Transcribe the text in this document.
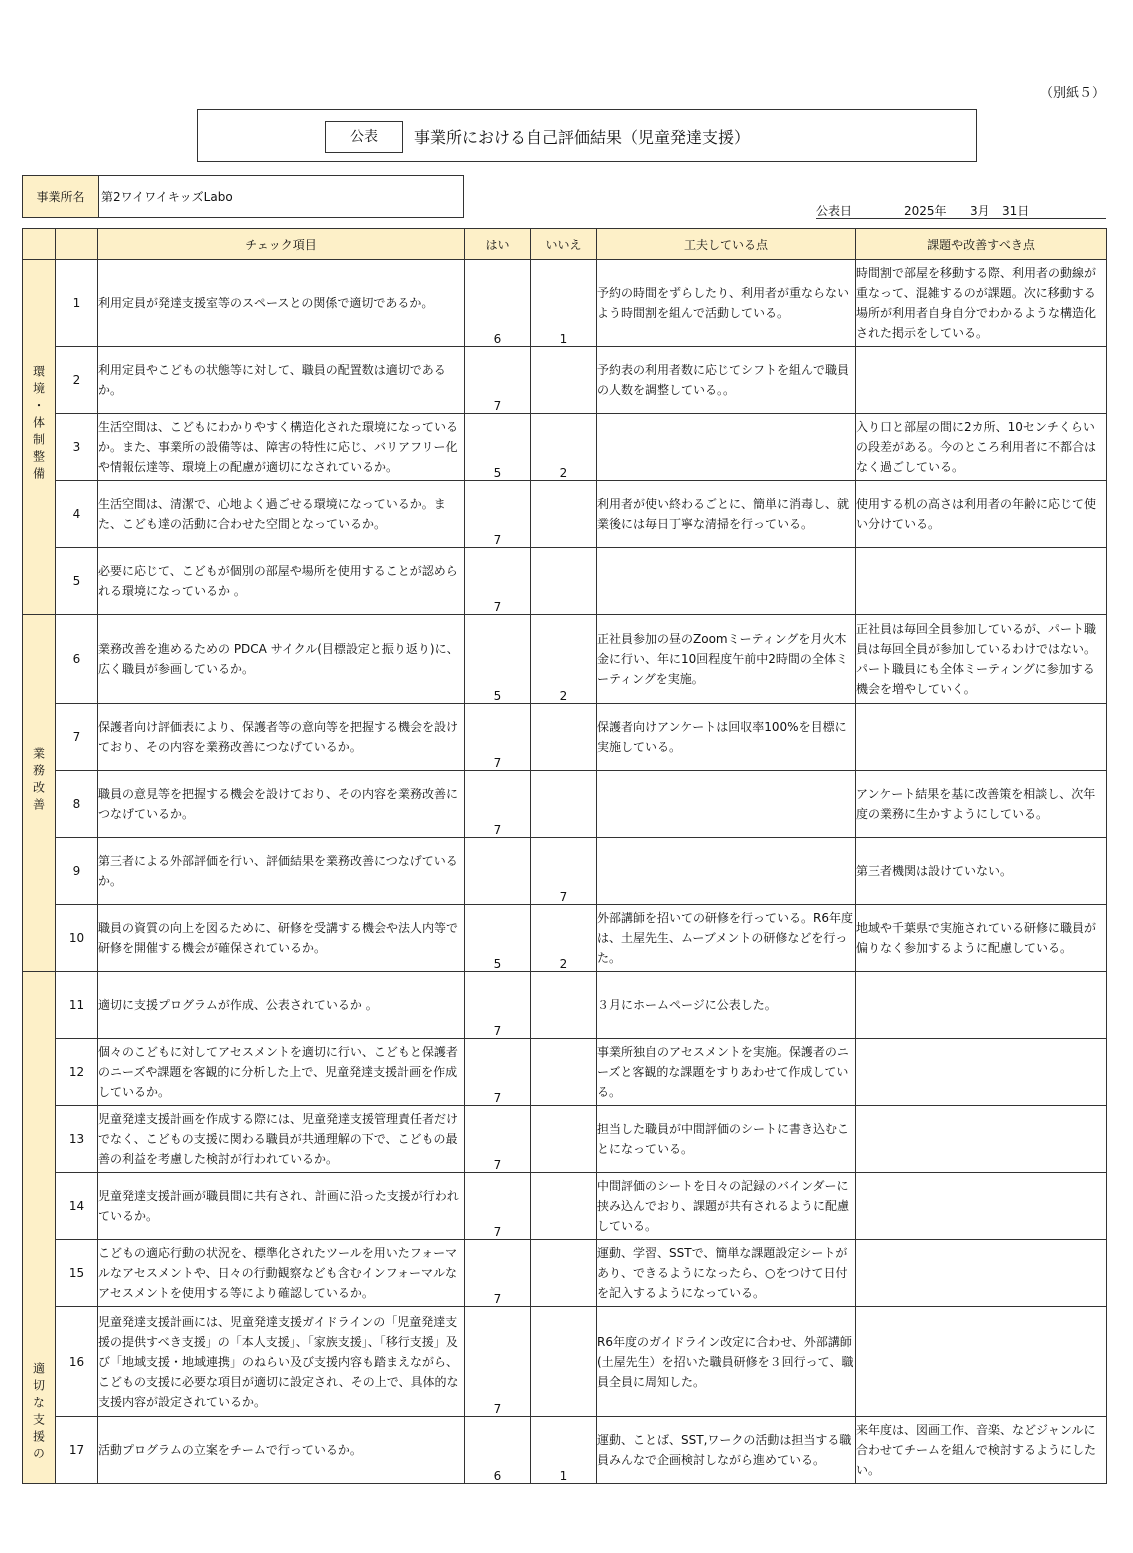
（別紙５）
公表	事業所における自己評価結果（児童発達支援）
事業所名	第2ワイワイキッズLabo
公表日	2025年 3月 31日
		チェック項目	はい	いいえ	工夫している点	課題や改善すべき点

環境・体制整備	1	利用定員が発達支援室等のスペースとの関係で適切であるか。	6	1	予約の時間をずらしたり、利用者が重ならないよう時間割を組んで活動している。	時間割で部屋を移動する際、利用者の動線が重なって、混雑するのが課題。次に移動する場所が利用者自身自分でわかるような構造化された掲示をしている。
	2	利用定員やこどもの状態等に対して、職員の配置数は適切であるか。	7		予約表の利用者数に応じてシフトを組んで職員の人数を調整している。。	
	3	生活空間は、こどもにわかりやすく構造化された環境になっているか。また、事業所の設備等は、障害の特性に応じ、バリアフリー化や情報伝達等、環境上の配慮が適切になされているか。	5	2		入り口と部屋の間に2カ所、10センチくらいの段差がある。今のところ利用者に不都合はなく過ごしている。
	4	生活空間は、清潔で、心地よく過ごせる環境になっているか。また、こども達の活動に合わせた空間となっているか。	7		利用者が使い終わるごとに、簡単に消毒し、就業後には毎日丁寧な清掃を行っている。	使用する机の高さは利用者の年齢に応じて使い分けている。
	5	必要に応じて、こどもが個別の部屋や場所を使用することが認められる環境になっているか 。	7			

業務改善	6	業務改善を進めるための PDCA サイクル(目標設定と振り返り)に、広く職員が参画しているか。	5	2	正社員参加の昼のZoomミーティングを月火木金に行い、年に10回程度午前中2時間の全体ミーティングを実施。	正社員は毎回全員参加しているが、パート職員は毎回全員が参加しているわけではない。パート職員にも全体ミーティングに参加する機会を増やしていく。
	7	保護者向け評価表により、保護者等の意向等を把握する機会を設けており、その内容を業務改善につなげているか。	7		保護者向けアンケートは回収率100%を目標に実施している。	
	8	職員の意見等を把握する機会を設けており、その内容を業務改善につなげているか。	7			アンケート結果を基に改善策を相談し、次年度の業務に生かすようにしている。
	9	第三者による外部評価を行い、評価結果を業務改善につなげているか。		7		第三者機関は設けていない。
	10	職員の資質の向上を図るために、研修を受講する機会や法人内等で研修を開催する機会が確保されているか。	5	2	外部講師を招いての研修を行っている。R6年度は、土屋先生、ムーブメントの研修などを行った。	地域や千葉県で実施されている研修に職員が偏りなく参加するように配慮している。

適切な支援の	11	適切に支援プログラムが作成、公表されているか 。	7		３月にホームページに公表した。	
	12	個々のこどもに対してアセスメントを適切に行い、こどもと保護者のニーズや課題を客観的に分析した上で、児童発達支援計画を作成しているか。	7		事業所独自のアセスメントを実施。保護者のニーズと客観的な課題をすりあわせて作成している。	
	13	児童発達支援計画を作成する際には、児童発達支援管理責任者だけでなく、こどもの支援に関わる職員が共通理解の下で、こどもの最善の利益を考慮した検討が行われているか。	7		担当した職員が中間評価のシートに書き込むことになっている。	
	14	児童発達支援計画が職員間に共有され、計画に沿った支援が行われているか。	7		中間評価のシートを日々の記録のバインダーに挟み込んでおり、課題が共有されるように配慮している。	
	15	こどもの適応行動の状況を、標準化されたツールを用いたフォーマルなアセスメントや、日々の行動観察なども含むインフォーマルなアセスメントを使用する等により確認しているか。	7		運動、学習、SSTで、簡単な課題設定シートがあり、できるようになったら、○をつけて日付を記入するようになっている。	
	16	児童発達支援計画には、児童発達支援ガイドラインの「児童発達支援の提供すべき支援」の「本人支援」、「家族支援」、「移行支援」及び「地域支援・地域連携」のねらい及び支援内容も踏まえながら、こどもの支援に必要な項目が適切に設定され、その上で、具体的な支援内容が設定されているか。	7		R6年度のガイドライン改定に合わせ、外部講師(土屋先生）を招いた職員研修を３回行って、職員全員に周知した。	
	17	活動プログラムの立案をチームで行っているか。	6	1	運動、ことば、SST,ワークの活動は担当する職員みんなで企画検討しながら進めている。	来年度は、図画工作、音楽、などジャンルに合わせてチームを組んで検討するようにしたい。
